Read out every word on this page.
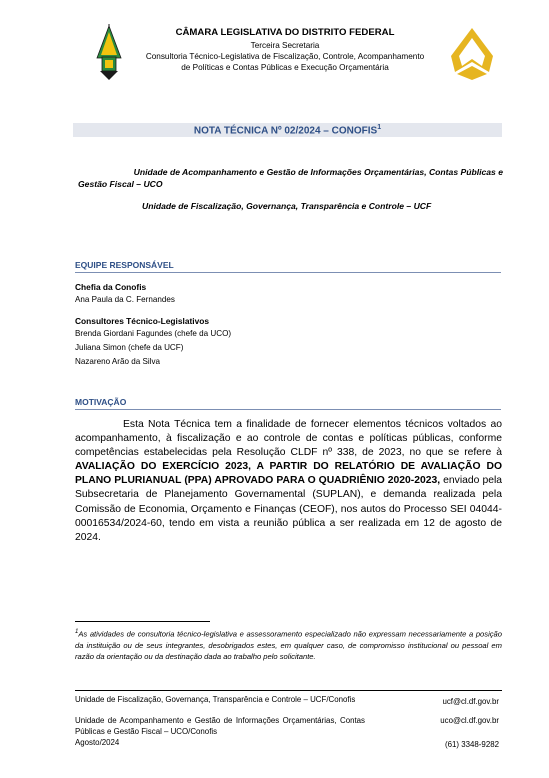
CÂMARA LEGISLATIVA DO DISTRITO FEDERAL
Terceira Secretaria
Consultoria Técnico-Legislativa de Fiscalização, Controle, Acompanhamento
de Políticas e Contas Públicas e Execução Orçamentária
NOTA TÉCNICA Nº 02/2024 – CONOFIS$^1$
Unidade de Acompanhamento e Gestão de Informações Orçamentárias, Contas Públicas e
Gestão Fiscal – UCO
Unidade de Fiscalização, Governança, Transparência e Controle – UCF
EQUIPE RESPONSÁVEL
Chefia da Conofis
Ana Paula da C. Fernandes
Consultores Técnico-Legislativos
Brenda Giordani Fagundes (chefe da UCO)
Juliana Simon (chefe da UCF)
Nazareno Arão da Silva
MOTIVAÇÃO
Esta Nota Técnica tem a finalidade de fornecer elementos técnicos voltados ao acompanhamento, à fiscalização e ao controle de contas e políticas públicas, conforme competências estabelecidas pela Resolução CLDF nº 338, de 2023, no que se refere à AVALIAÇÃO DO EXERCÍCIO 2023, A PARTIR DO RELATÓRIO DE AVALIAÇÃO DO PLANO PLURIANUAL (PPA) APROVADO PARA O QUADRIÊNIO 2020-2023, enviado pela Subsecretaria de Planejamento Governamental (SUPLAN), e demanda realizada pela Comissão de Economia, Orçamento e Finanças (CEOF), nos autos do Processo SEI 04044-00016534/2024-60, tendo em vista a reunião pública a ser realizada em 12 de agosto de 2024.
$^1$As atividades de consultoria técnico-legislativa e assessoramento especializado não expressam necessariamente a posição da instituição ou de seus integrantes, desobrigados estes, em qualquer caso, de compromisso institucional ou pessoal em razão da orientação ou da destinação dada ao trabalho pelo solicitante.
Unidade de Fiscalização, Governança, Transparência e Controle – UCF/Conofis
Unidade de Acompanhamento e Gestão de Informações Orçamentárias, Contas Públicas e Gestão Fiscal – UCO/Conofis
Agosto/2024
ucf@cl.df.gov.br
uco@cl.df.gov.br
(61) 3348-9282
